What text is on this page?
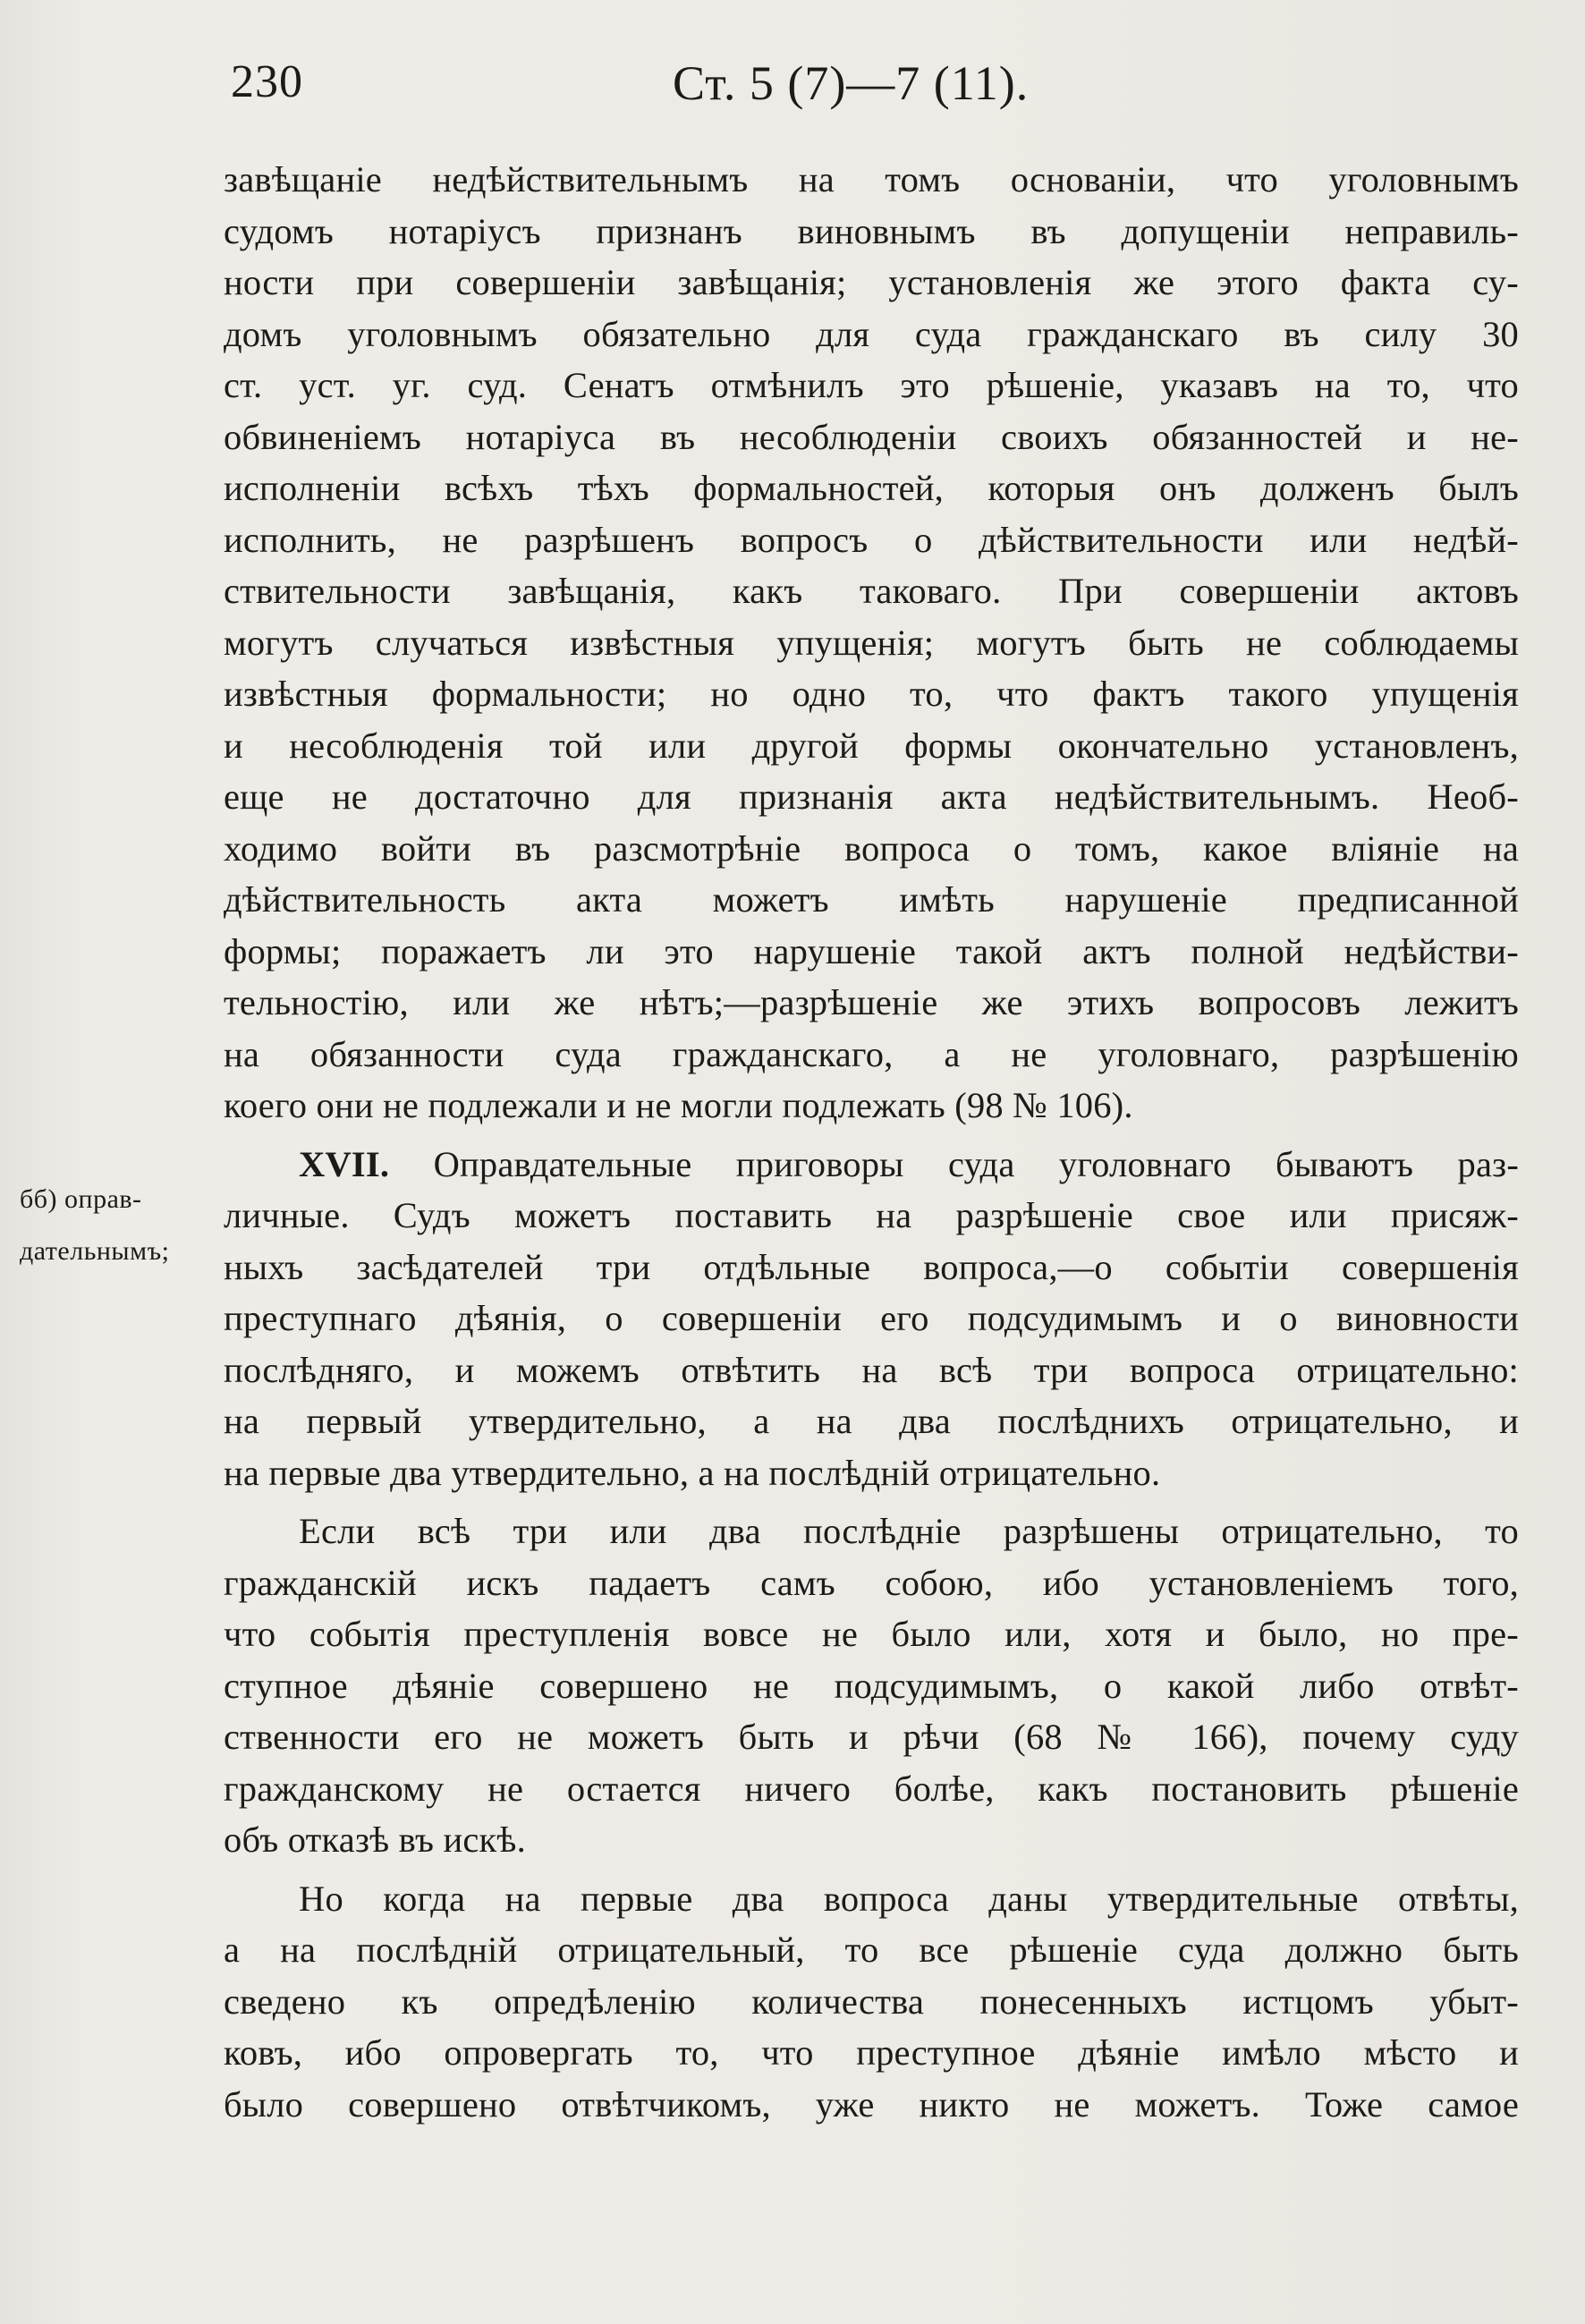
230	Ст. 5 (7)—7 (11).
бб) оправ-
дательнымъ;
завѣщаніе недѣйствительнымъ на томъ основаніи, что уголовнымъ
судомъ нотаріусъ признанъ виновнымъ въ допущеніи неправиль-
ности при совершеніи завѣщанія; установленія же этого факта су-
домъ уголовнымъ обязательно для суда гражданскаго въ силу 30
ст. уст. уг. суд. Сенатъ отмѣнилъ это рѣшеніе, указавъ на то, что
обвиненіемъ нотаріуса въ несоблюденіи своихъ обязанностей и не-
исполненіи всѣхъ тѣхъ формальностей, которыя онъ долженъ былъ
исполнить, не разрѣшенъ вопросъ о дѣйствительности или недѣй-
ствительности завѣщанія, какъ таковаго. При совершеніи актовъ
могутъ случаться извѣстныя упущенія; могутъ быть не соблюдаемы
извѣстныя формальности; но одно то, что фактъ такого упущенія
и несоблюденія той или другой формы окончательно установленъ,
еще не достаточно для признанія акта недѣйствительнымъ. Необ-
ходимо войти въ разсмотрѣніе вопроса о томъ, какое вліяніе на
дѣйствительность акта можетъ имѣть нарушеніе предписанной
формы; поражаетъ ли это нарушеніе такой актъ полной недѣйстви-
тельностію, или же нѣтъ;—разрѣшеніе же этихъ вопросовъ лежитъ
на обязанности суда гражданскаго, а не уголовнаго, разрѣшенію
коего они не подлежали и не могли подлежать (98 № 106).
XVII. Оправдательные приговоры суда уголовнаго бываютъ раз-
личные. Судъ можетъ поставить на разрѣшеніе свое или присяж-
ныхъ засѣдателей три отдѣльные вопроса,—о событіи совершенія
преступнаго дѣянія, о совершеніи его подсудимымъ и о виновности
послѣдняго, и можемъ отвѣтить на всѣ три вопроса отрицательно:
на первый утвердительно, а на два послѣднихъ отрицательно, и
на первые два утвердительно, а на послѣдній отрицательно.
Если всѣ три или два послѣдніе разрѣшены отрицательно, то
гражданскій искъ падаетъ самъ собою, ибо установленіемъ того,
что событія преступленія вовсе не было или, хотя и было, но пре-
ступное дѣяніе совершено не подсудимымъ, о какой либо отвѣт-
ственности его не можетъ быть и рѣчи (68 № 166), почему суду
гражданскому не остается ничего болѣе, какъ постановить рѣшеніе
объ отказѣ въ искѣ.
Но когда на первые два вопроса даны утвердительные отвѣты,
а на послѣдній отрицательный, то все рѣшеніе суда должно быть
сведено къ опредѣленію количества понесенныхъ истцомъ убыт-
ковъ, ибо опровергать то, что преступное дѣяніе имѣло мѣсто и
было совершено отвѣтчикомъ, уже никто не можетъ. Тоже самое
